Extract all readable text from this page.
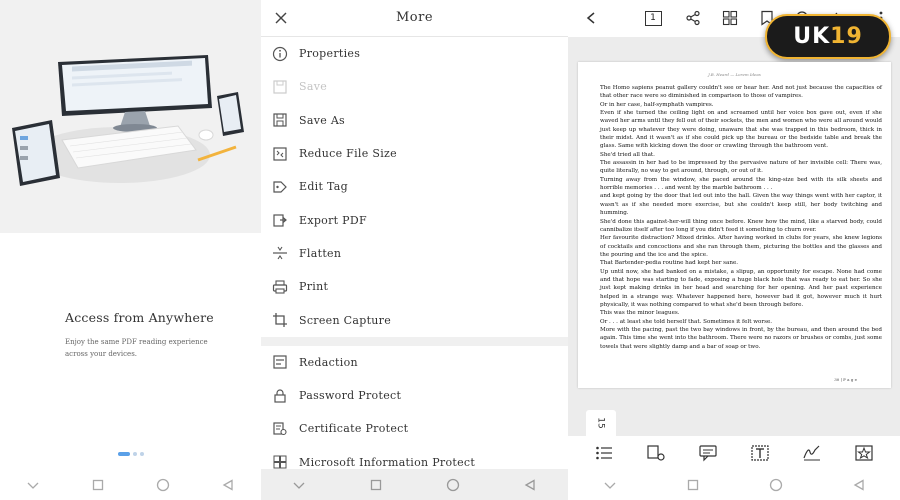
Access from Anywhere
Enjoy the same PDF reading experience across your devices.
More
Properties
Save
Save As
Reduce File Size
Edit Tag
Export PDF
Flatten
Print
Screen Capture
Redaction
Password Protect
Certificate Protect
Microsoft Information Protect
1
UK 19
J.B. Heard — Lorem Ideas

The Homo sapiens peanut gallery couldn't see or hear her. And not just because the capacities of that other race were so diminished in comparison to those of vampires.

Or in her case, half-symphath vampires.

Even if she turned the ceiling light on and screamed until her voice box gave out, even if she waved her arms until they fell out of their sockets, the men and women who were all around would just keep up whatever they were doing, unaware that she was trapped in this bedroom, thick in their midst. And it wasn't as if she could pick up the bureau or the bedside table and break the glass. Same with kicking down the door or crawling through the bathroom vent.

She'd tried all that.

The assassin in her had to be impressed by the pervasive nature of her invisible cell: There was, quite literally, no way to get around, through, or out of it.

Turning away from the window, she paced around the king-size bed with its silk sheets and horrible memories . . . and went by the marble bathroom . . .

and kept going by the door that led out into the hall. Given the way things went with her captor, it wasn't as if she needed more exercise, but she couldn't keep still, her body twitching and humming.

She'd done this against-her-will thing once before. Knew how the mind, like a starved body, could cannibalize itself after too long if you didn't feed it something to churn over.

Her favourite distraction? Mixed drinks. After having worked in clubs for years, she knew legions of cocktails and concoctions and she ran through them, picturing the bottles and the glasses and the pouring and the ice and the spice.

That Bartender-pedia routine had kept her sane.

Up until now, she had banked on a mistake, a slipup, an opportunity for escape. None had come and that hope was starting to fade, exposing a huge black hole that was ready to eat her. So she just kept making drinks in her head and searching for her opening. And her past experience helped in a strange way. Whatever happened here, however bad it got, however much it hurt physically, it was nothing compared to what she'd been through before.

This was the minor leagues.

Or . . . at least she told herself that. Sometimes it felt worse.

More with the pacing, past the two bay windows in front, by the bureau, and then around the bed again. This time she went into the bathroom. There were no razors or brushes or combs, just some towels that were slightly damp and a bar of soap or two.

30 | P a g e
15
